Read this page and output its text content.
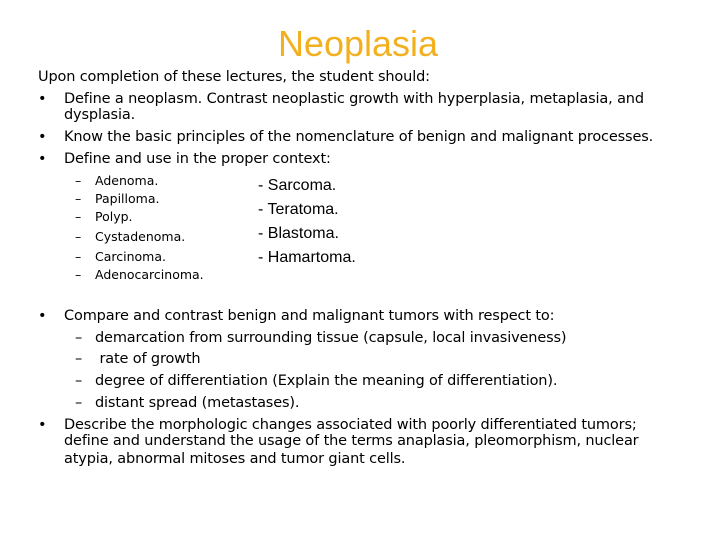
Neoplasia
Upon completion of these lectures, the student should:
•	Define a neoplasm. Contrast neoplastic growth with hyperplasia, metaplasia, and
dysplasia.
•	Know the basic principles of the nomenclature of benign and malignant processes.
•	Define and use in the proper context:
– Adenoma.
– Papilloma.
– Polyp.
– Cystadenoma.
– Carcinoma.
– Adenocarcinoma.
- Sarcoma.
- Teratoma.
- Blastoma.
- Hamartoma.
•	Compare and contrast benign and malignant tumors with respect to:
– demarcation from surrounding tissue (capsule, local invasiveness)
– rate of growth
– degree of differentiation (Explain the meaning of differentiation).
– distant spread (metastases).
•	Describe the morphologic changes associated with poorly differentiated tumors;
define and understand the usage of the terms anaplasia, pleomorphism, nuclear
atypia, abnormal mitoses and tumor giant cells.
